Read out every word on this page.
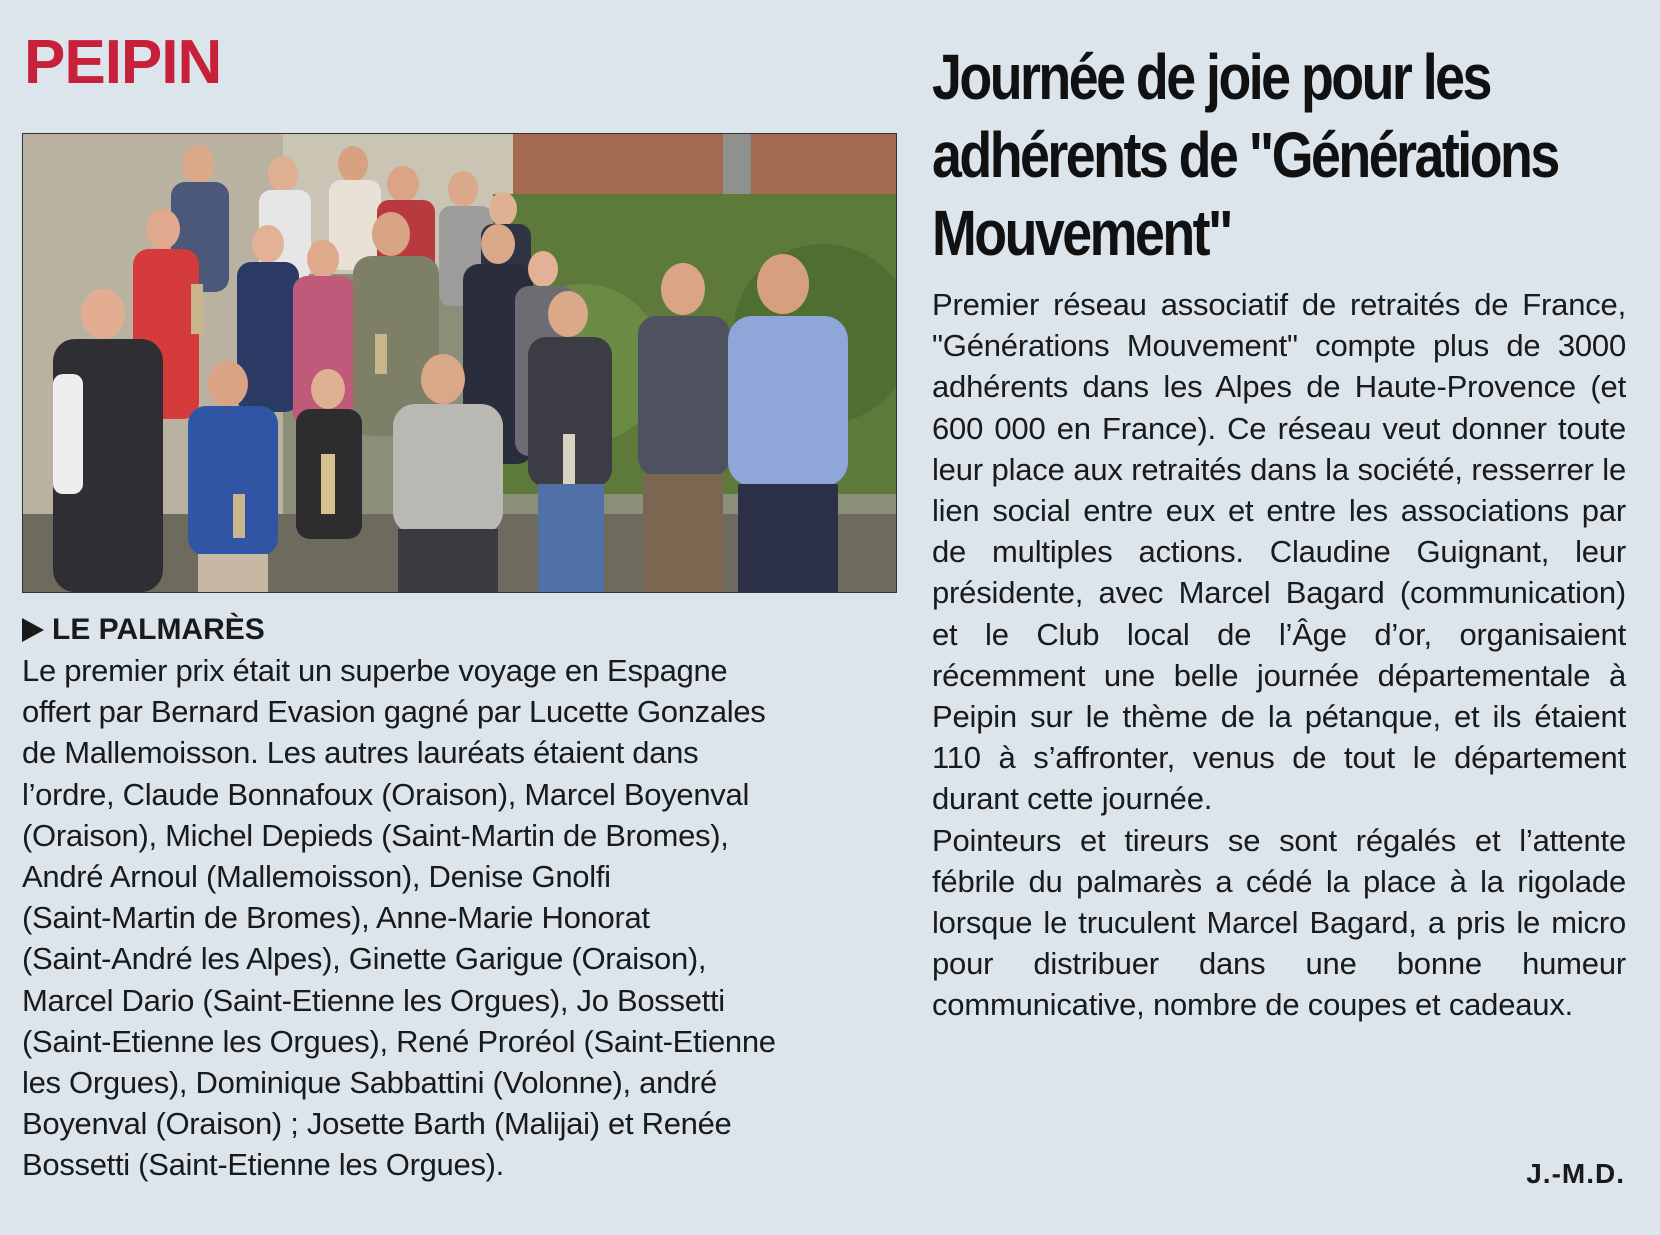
PEIPIN
LE PALMARÈS

Le premier prix était un superbe voyage en Espagne
offert par Bernard Evasion gagné par Lucette Gonzales
de Mallemoisson. Les autres lauréats étaient dans
l’ordre, Claude Bonnafoux (Oraison), Marcel Boyenval
(Oraison), Michel Depieds (Saint-Martin de Bromes),
André Arnoul (Mallemoisson), Denise Gnolfi
(Saint-Martin de Bromes), Anne-Marie Honorat
(Saint-André les Alpes), Ginette Garigue (Oraison),
Marcel Dario (Saint-Etienne les Orgues), Jo Bossetti
(Saint-Etienne les Orgues), René Proréol (Saint-Etienne
les Orgues), Dominique Sabbattini (Volonne), andré
Boyenval (Oraison) ; Josette Barth (Malijai) et Renée
Bossetti (Saint-Etienne les Orgues).

Journée de joie pour les adhérents de "Générations Mouvement"

Premier réseau associatif de retraités de France, "Générations Mouvement" compte plus de 3000 adhérents dans les Alpes de Haute-Provence (et 600 000 en France). Ce réseau veut donner toute leur place aux retraités dans la société, resserrer le lien social entre eux et entre les associations par de multiples actions. Claudine Guignant, leur présidente, avec Marcel Bagard (communication) et le Club local de l’Âge d’or, organisaient récemment une belle journée départementale à Peipin sur le thème de la pétanque, et ils étaient 110 à s’affronter, venus de tout le département durant cette journée.

Pointeurs et tireurs se sont régalés et l’attente fébrile du palmarès a cédé la place à la rigolade lorsque le truculent Marcel Bagard, a pris le micro pour distribuer dans une bonne humeur communicative, nombre de coupes et cadeaux.

J.-M.D.
